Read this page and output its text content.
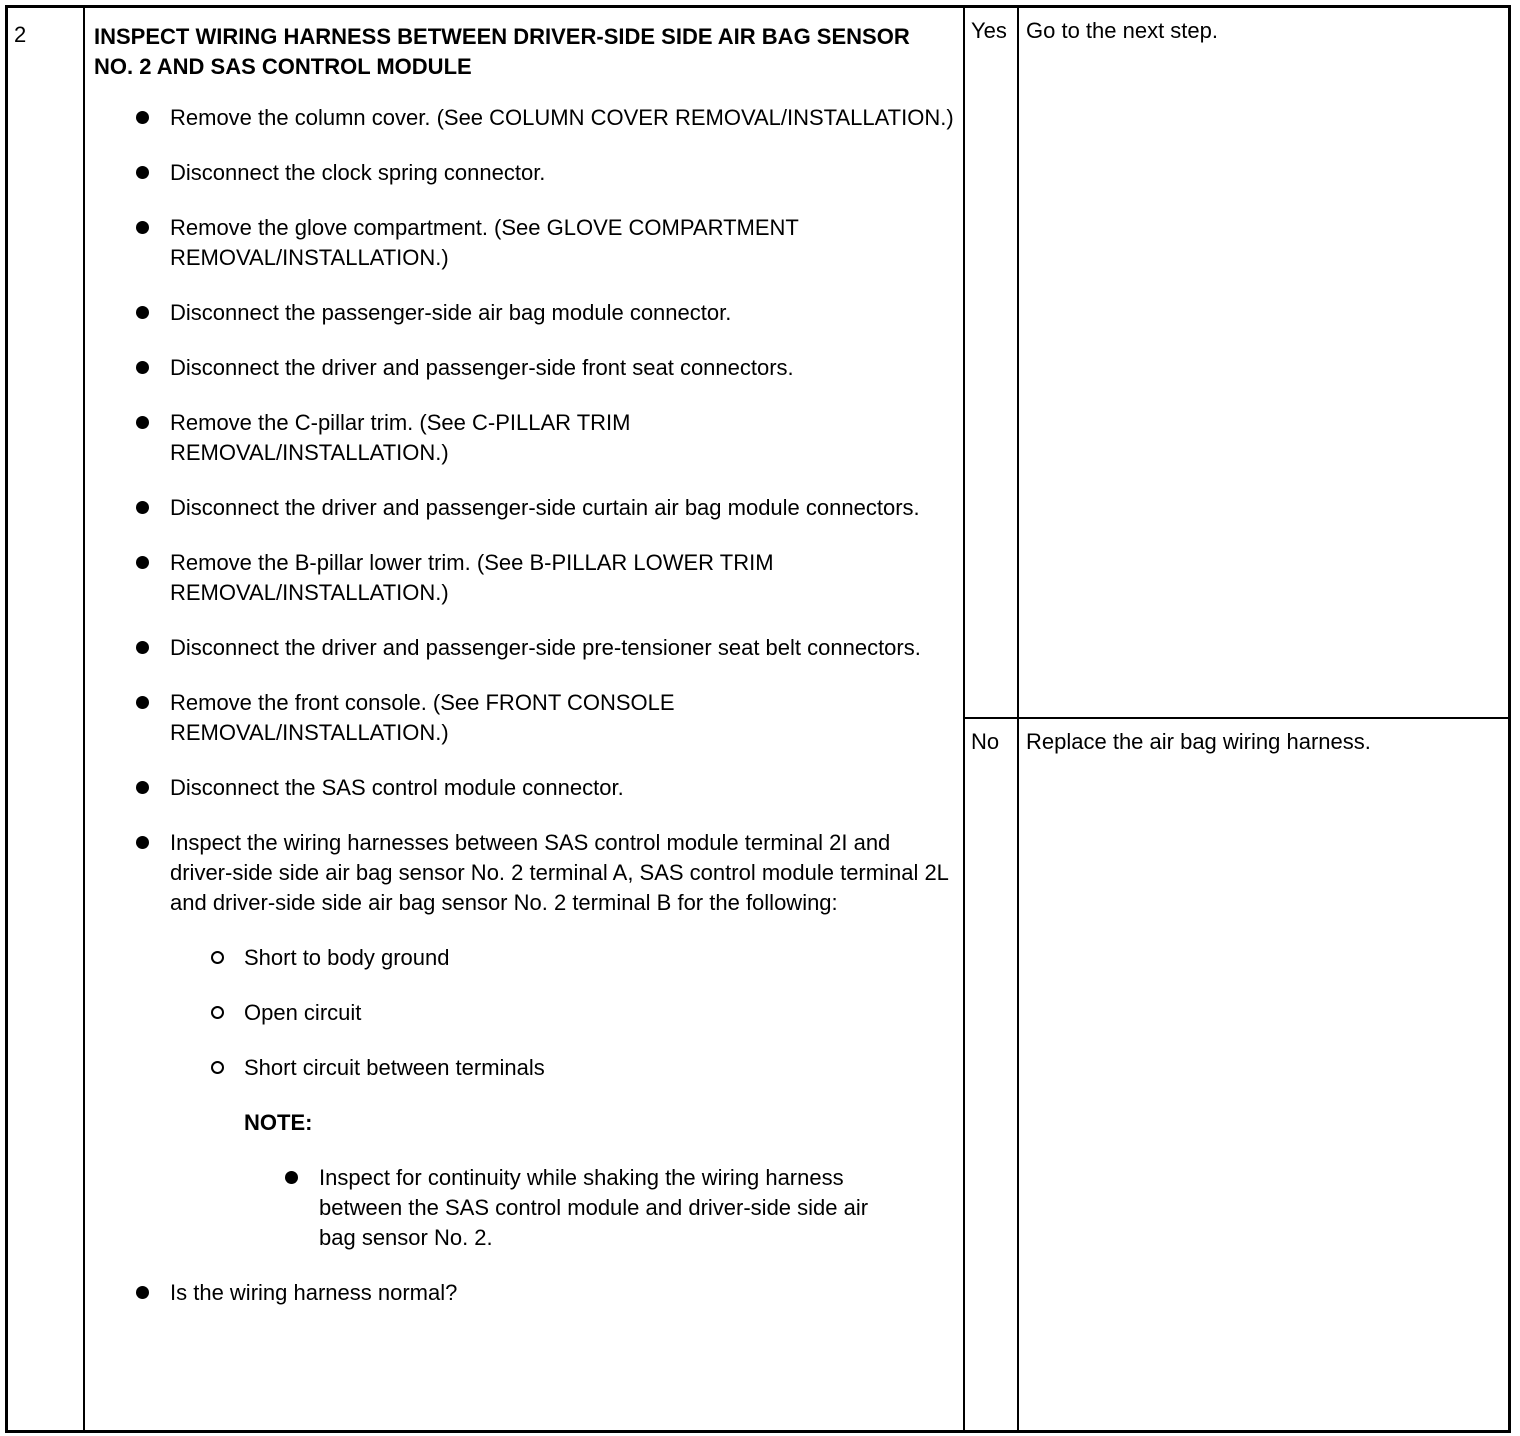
2	INSPECT WIRING HARNESS BETWEEN DRIVER-SIDE SIDE AIR BAG SENSOR NO. 2 AND SAS CONTROL MODULE
Remove the column cover. (See COLUMN COVER REMOVAL/INSTALLATION.)
Disconnect the clock spring connector.
Remove the glove compartment. (See GLOVE COMPARTMENT REMOVAL/INSTALLATION.)
Disconnect the passenger-side air bag module connector.
Disconnect the driver and passenger-side front seat connectors.
Remove the C-pillar trim. (See C-PILLAR TRIM REMOVAL/INSTALLATION.)
Disconnect the driver and passenger-side curtain air bag module connectors.
Remove the B-pillar lower trim. (See B-PILLAR LOWER TRIM REMOVAL/INSTALLATION.)
Disconnect the driver and passenger-side pre-tensioner seat belt connectors.
Remove the front console. (See FRONT CONSOLE REMOVAL/INSTALLATION.)
Disconnect the SAS control module connector.
Inspect the wiring harnesses between SAS control module terminal 2I and driver-side side air bag sensor No. 2 terminal A, SAS control module terminal 2L and driver-side side air bag sensor No. 2 terminal B for the following:
Short to body ground
Open circuit
Short circuit between terminals
NOTE:
Inspect for continuity while shaking the wiring harness between the SAS control module and driver-side side air bag sensor No. 2.
Is the wiring harness normal?
Yes Go to the next step.
No Replace the air bag wiring harness.
